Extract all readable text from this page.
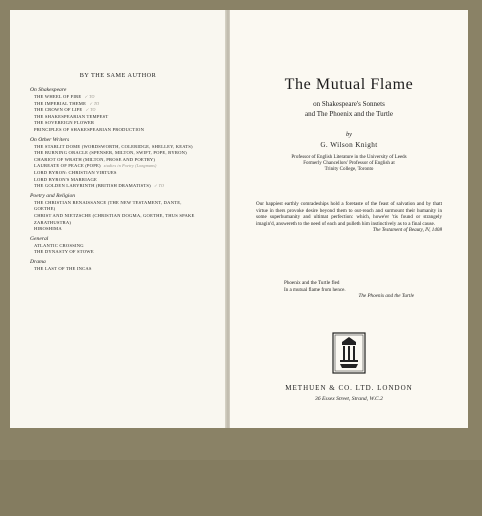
BY THE SAME AUTHOR
On Shakespeare
THE WHEEL OF FIRE ✓ TO
THE IMPERIAL THEME ✓ TO
THE CROWN OF LIFE ✓ TO
THE SHAKESPEARIAN TEMPEST
THE SOVEREIGN FLOWER
PRINCIPLES OF SHAKESPEARIAN PRODUCTION
On Other Writers
THE STARLIT DOME (WORDSWORTH, COLERIDGE, SHELLEY, KEATS)
THE BURNING ORACLE (SPENSER, MILTON, SWIFT, POPE, BYRON)
CHARIOT OF WRATH (MILTON, PROSE AND POETRY)
LAUREATE OF PEACE (POPE) studies in Poetry (Longmans)
LORD BYRON: CHRISTIAN VIRTUES
LORD BYRON'S MARRIAGE
THE GOLDEN LABYRINTH (BRITISH DRAMATISTS) ✓ TO
Poetry and Religion
THE CHRISTIAN RENAISSANCE (THE NEW TESTAMENT, DANTE, GOETHE)
CHRIST AND NIETZSCHE (CHRISTIAN DOGMA, GOETHE, THUS SPAKE ZARATHUSTRA)
HIROSHIMA
General
ATLANTIC CROSSING
THE DYNASTY OF STOWE
Drama
THE LAST OF THE INCAS
The Mutual Flame
on Shakespeare's Sonnets
and The Phoenix and the Turtle
by
G. Wilson Knight
Professor of English Literature in the University of Leeds
Formerly Chancellors' Professor of English at
Trinity College, Toronto
Our happiest earthly comradeships hold a foretaste of the feast of salvation and by thatt virtue in thers provoke desire beyond them to out-reach and surmount their humanity in some superhumanity and ultimat perfection: which, howe'er 'tis found or strangely imagin'd, answereth to the need of each and pulleth him instinctively as to a final cause.
The Testament of Beauty, IV, 1408
Phoenix and the Turtle fled
In a mutual flame from hence.
The Phoenix and the Turtle
METHUEN & CO. LTD. LONDON
36 Essex Street, Strand, W.C.2
